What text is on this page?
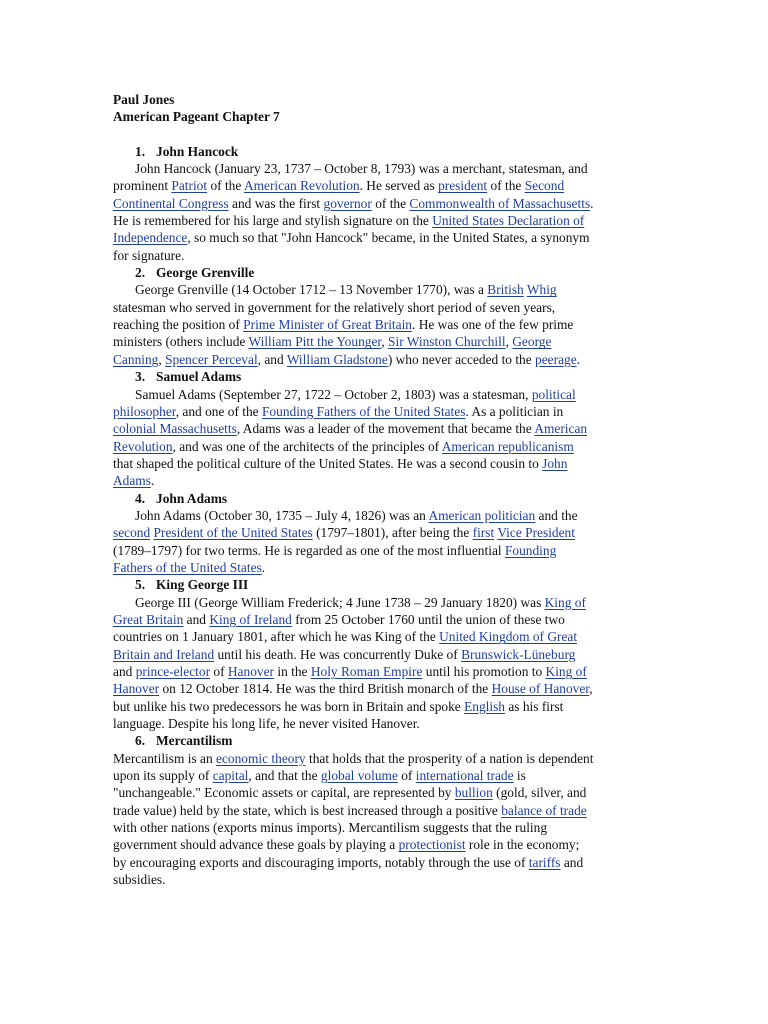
Paul Jones
American Pageant Chapter 7
1. John Hancock
John Hancock (January 23, 1737 – October 8, 1793) was a merchant, statesman, and
prominent Patriot of the American Revolution. He served as president of the Second
Continental Congress and was the first governor of the Commonwealth of Massachusetts.
He is remembered for his large and stylish signature on the United States Declaration of
Independence, so much so that "John Hancock" became, in the United States, a synonym
for signature.
2. George Grenville
George Grenville (14 October 1712 – 13 November 1770), was a British Whig
statesman who served in government for the relatively short period of seven years,
reaching the position of Prime Minister of Great Britain. He was one of the few prime
ministers (others include William Pitt the Younger, Sir Winston Churchill, George
Canning, Spencer Perceval, and William Gladstone) who never acceded to the peerage.
3. Samuel Adams
Samuel Adams (September 27, 1722 – October 2, 1803) was a statesman, political
philosopher, and one of the Founding Fathers of the United States. As a politician in
colonial Massachusetts, Adams was a leader of the movement that became the American
Revolution, and was one of the architects of the principles of American republicanism
that shaped the political culture of the United States. He was a second cousin to John
Adams.
4. John Adams
John Adams (October 30, 1735 – July 4, 1826) was an American politician and the
second President of the United States (1797–1801), after being the first Vice President
(1789–1797) for two terms. He is regarded as one of the most influential Founding
Fathers of the United States.
5. King George III
George III (George William Frederick; 4 June 1738 – 29 January 1820) was King of
Great Britain and King of Ireland from 25 October 1760 until the union of these two
countries on 1 January 1801, after which he was King of the United Kingdom of Great
Britain and Ireland until his death. He was concurrently Duke of Brunswick-Lüneburg
and prince-elector of Hanover in the Holy Roman Empire until his promotion to King of
Hanover on 12 October 1814. He was the third British monarch of the House of Hanover,
but unlike his two predecessors he was born in Britain and spoke English as his first
language. Despite his long life, he never visited Hanover.
6. Mercantilism
Mercantilism is an economic theory that holds that the prosperity of a nation is dependent
upon its supply of capital, and that the global volume of international trade is
"unchangeable." Economic assets or capital, are represented by bullion (gold, silver, and
trade value) held by the state, which is best increased through a positive balance of trade
with other nations (exports minus imports). Mercantilism suggests that the ruling
government should advance these goals by playing a protectionist role in the economy;
by encouraging exports and discouraging imports, notably through the use of tariffs and
subsidies.
